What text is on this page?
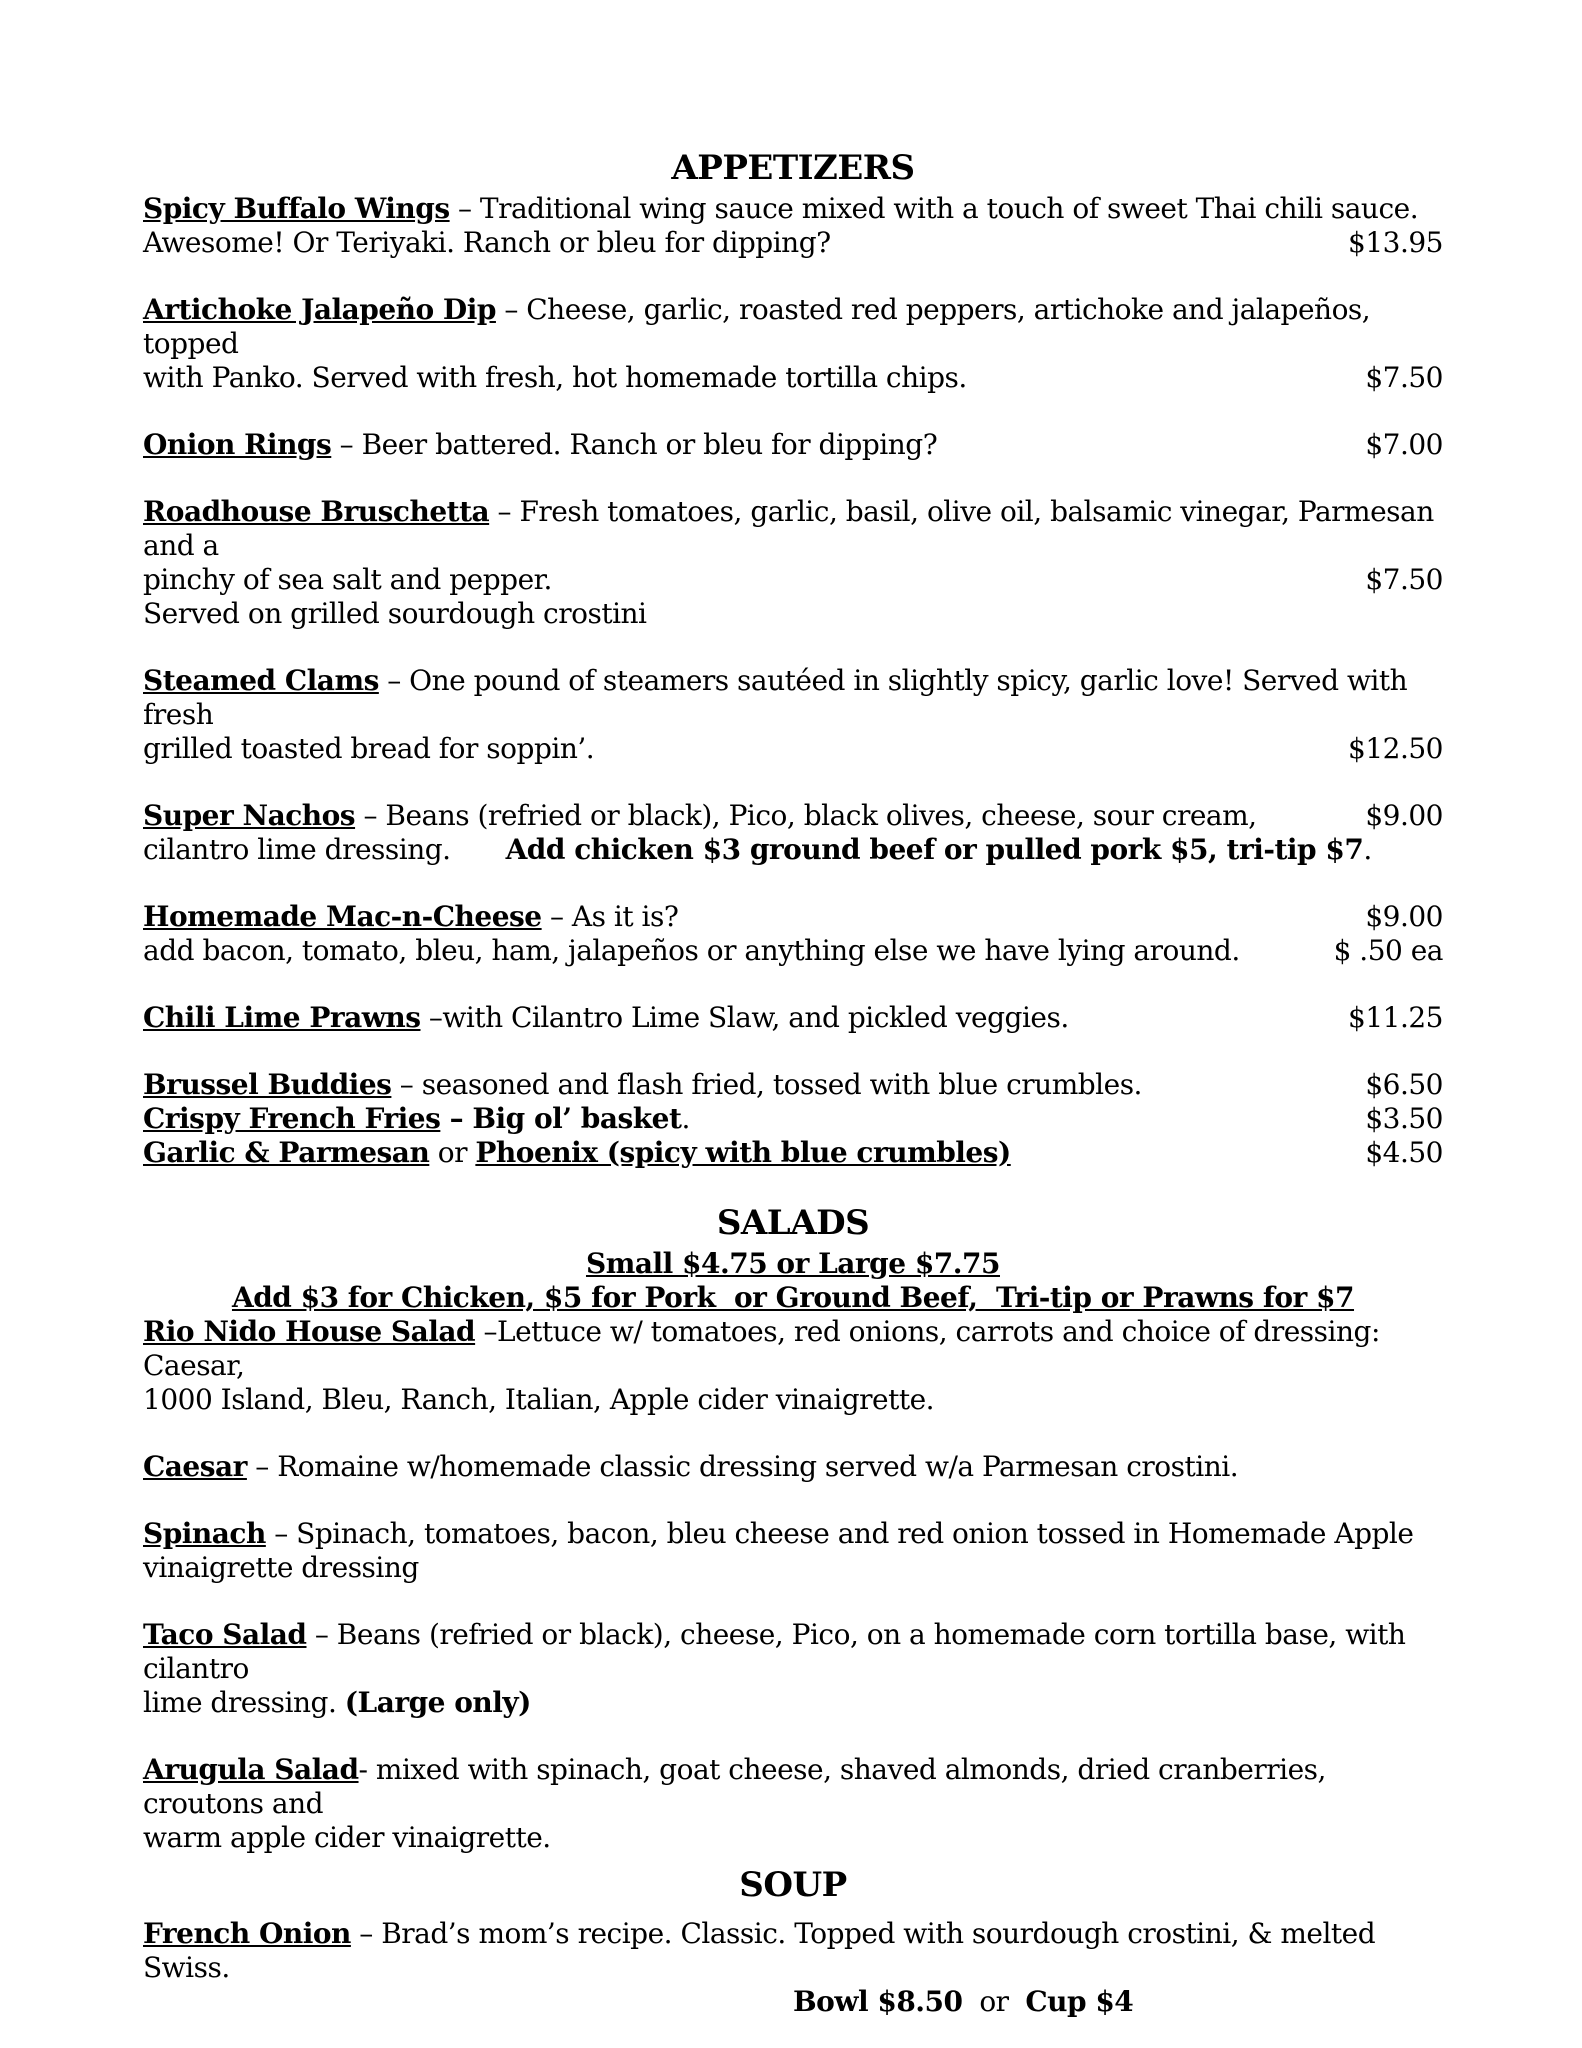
APPETIZERS
Spicy Buffalo Wings – Traditional wing sauce mixed with a touch of sweet Thai chili sauce.
Awesome! Or Teriyaki. Ranch or bleu for dipping?	$13.95
Artichoke Jalapeño Dip – Cheese, garlic, roasted red peppers, artichoke and jalapeños, topped
with Panko. Served with fresh, hot homemade tortilla chips.	$7.50
Onion Rings – Beer battered. Ranch or bleu for dipping?	$7.00
Roadhouse Bruschetta – Fresh tomatoes, garlic, basil, olive oil, balsamic vinegar, Parmesan and a
pinchy of sea salt and pepper.	$7.50
Served on grilled sourdough crostini
Steamed Clams – One pound of steamers sautéed in slightly spicy, garlic love! Served with fresh
grilled toasted bread for soppin’.	$12.50
Super Nachos – Beans (refried or black), Pico, black olives, cheese, sour cream,	$9.00
cilantro lime dressing. Add chicken $3 ground beef or pulled pork $5, tri-tip $7.
Homemade Mac-n-Cheese – As it is?	$9.00
add bacon, tomato, bleu, ham, jalapeños or anything else we have lying around.	$ .50 ea
Chili Lime Prawns –with Cilantro Lime Slaw, and pickled veggies.	$11.25
Brussel Buddies – seasoned and flash fried, tossed with blue crumbles.	$6.50
Crispy French Fries – Big ol’ basket.	$3.50
Garlic & Parmesan or Phoenix (spicy with blue crumbles)	$4.50
SALADS
Small $4.75 or Large $7.75
Add $3 for Chicken, $5 for Pork  or Ground Beef,  Tri-tip or Prawns for $7
Rio Nido House Salad –Lettuce w/ tomatoes, red onions, carrots and choice of dressing: Caesar,
1000 Island, Bleu, Ranch, Italian, Apple cider vinaigrette.
Caesar – Romaine w/homemade classic dressing served w/a Parmesan crostini.
Spinach – Spinach, tomatoes, bacon, bleu cheese and red onion tossed in Homemade Apple
vinaigrette dressing
Taco Salad – Beans (refried or black), cheese, Pico, on a homemade corn tortilla base, with cilantro
lime dressing. (Large only)
Arugula Salad- mixed with spinach, goat cheese, shaved almonds, dried cranberries, croutons and
warm apple cider vinaigrette.
SOUP
French Onion – Brad’s mom’s recipe. Classic. Topped with sourdough crostini, & melted Swiss.
Bowl $8.50  or  Cup $4
